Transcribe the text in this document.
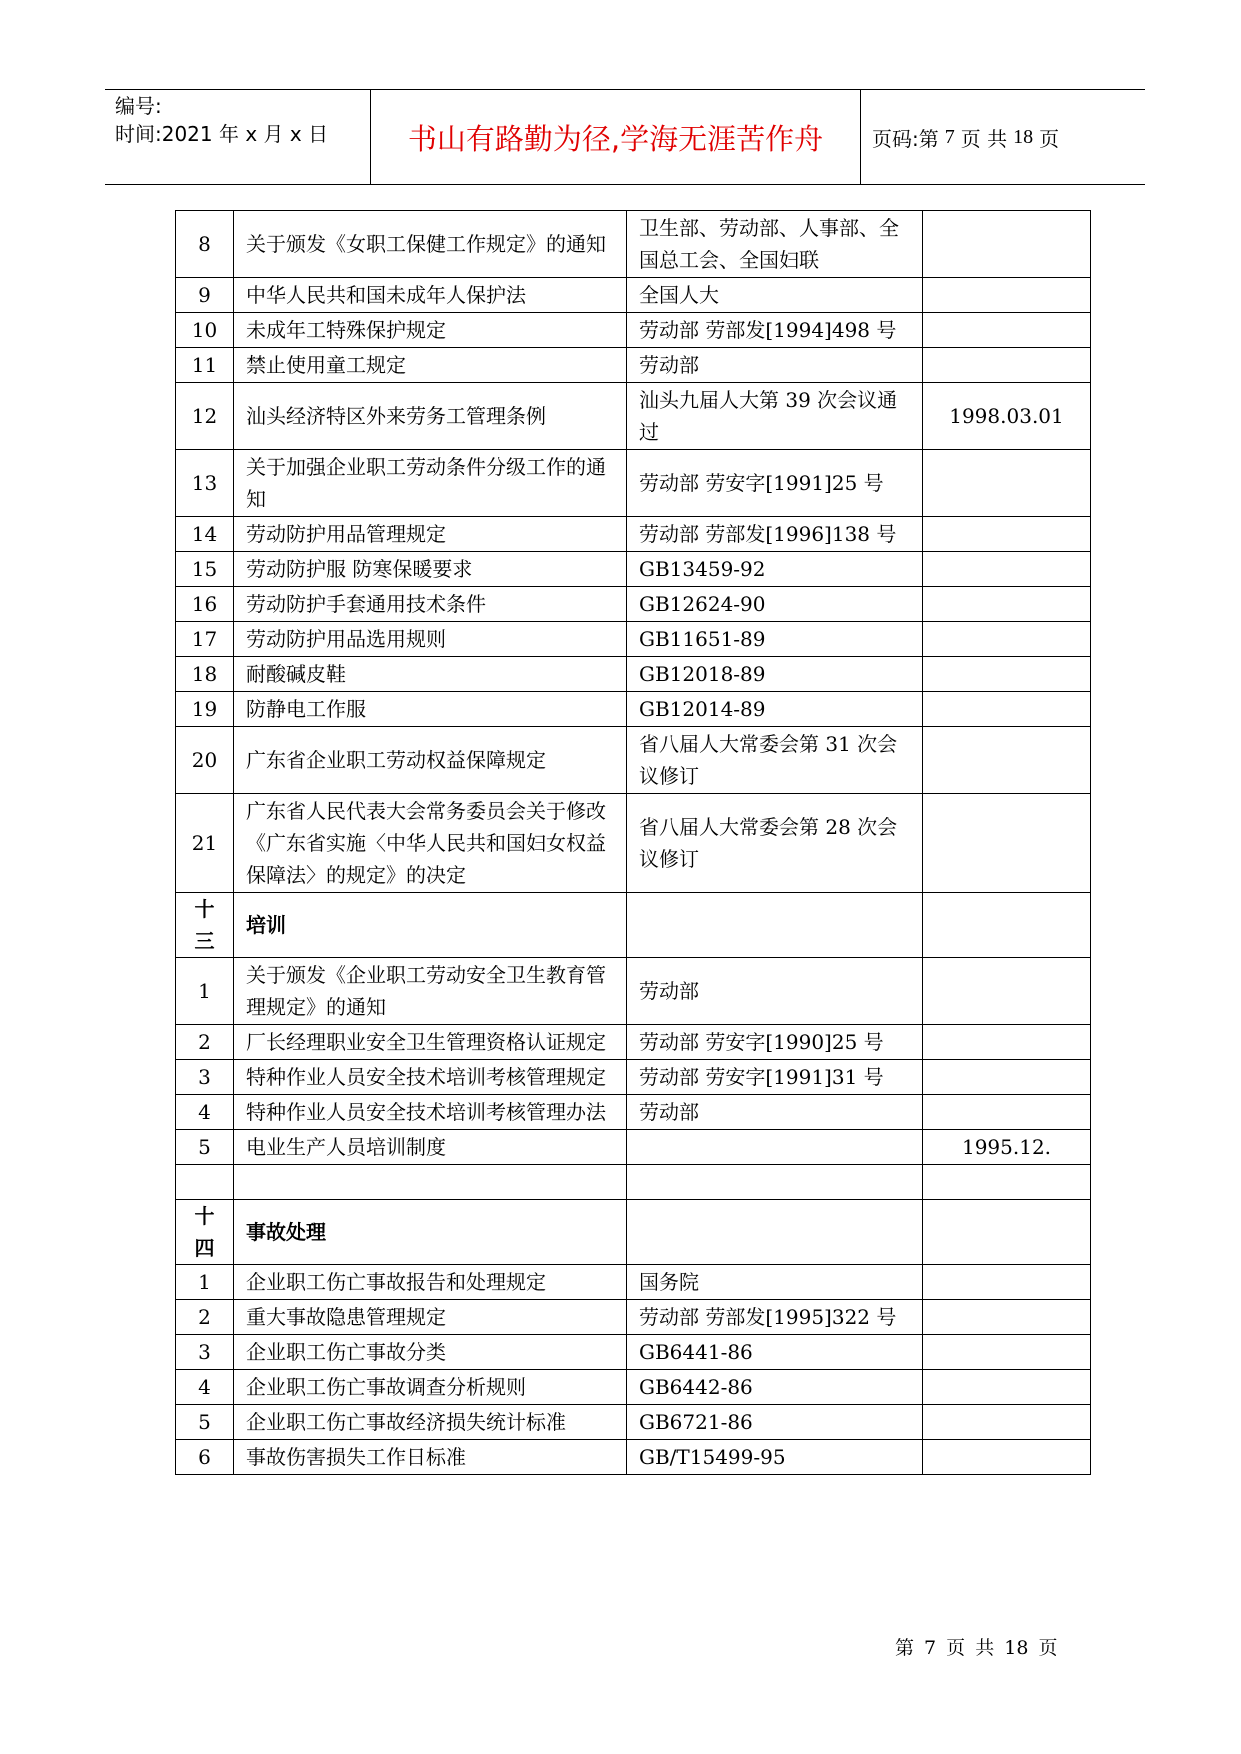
编号:
时间:2021 年 x 月 x 日	书山有路勤为径,学海无涯苦作舟	页码:第 7 页 共 18 页
8	关于颁发《女职工保健工作规定》的通知	卫生部、劳动部、人事部、全国总工会、全国妇联	
9	中华人民共和国未成年人保护法	全国人大	
10	未成年工特殊保护规定	劳动部 劳部发[1994]498 号	
11	禁止使用童工规定	劳动部	
12	汕头经济特区外来劳务工管理条例	汕头九届人大第 39 次会议通过	1998.03.01
13	关于加强企业职工劳动条件分级工作的通知	劳动部 劳安字[1991]25 号	
14	劳动防护用品管理规定	劳动部 劳部发[1996]138 号	
15	劳动防护服 防寒保暖要求	GB13459-92	
16	劳动防护手套通用技术条件	GB12624-90	
17	劳动防护用品选用规则	GB11651-89	
18	耐酸碱皮鞋	GB12018-89	
19	防静电工作服	GB12014-89	
20	广东省企业职工劳动权益保障规定	省八届人大常委会第 31 次会议修订	
21	广东省人民代表大会常务委员会关于修改《广东省实施〈中华人民共和国妇女权益保障法〉的规定》的决定	省八届人大常委会第 28 次会议修订	
十三	培训		
1	关于颁发《企业职工劳动安全卫生教育管理规定》的通知	劳动部	
2	厂长经理职业安全卫生管理资格认证规定	劳动部 劳安字[1990]25 号	
3	特种作业人员安全技术培训考核管理规定	劳动部 劳安字[1991]31 号	
4	特种作业人员安全技术培训考核管理办法	劳动部	
5	电业生产人员培训制度		1995.12.

十四	事故处理		
1	企业职工伤亡事故报告和处理规定	国务院	
2	重大事故隐患管理规定	劳动部 劳部发[1995]322 号	
3	企业职工伤亡事故分类	GB6441-86	
4	企业职工伤亡事故调查分析规则	GB6442-86	
5	企业职工伤亡事故经济损失统计标准	GB6721-86	
6	事故伤害损失工作日标准	GB/T15499-95	
第 7 页 共 18 页
